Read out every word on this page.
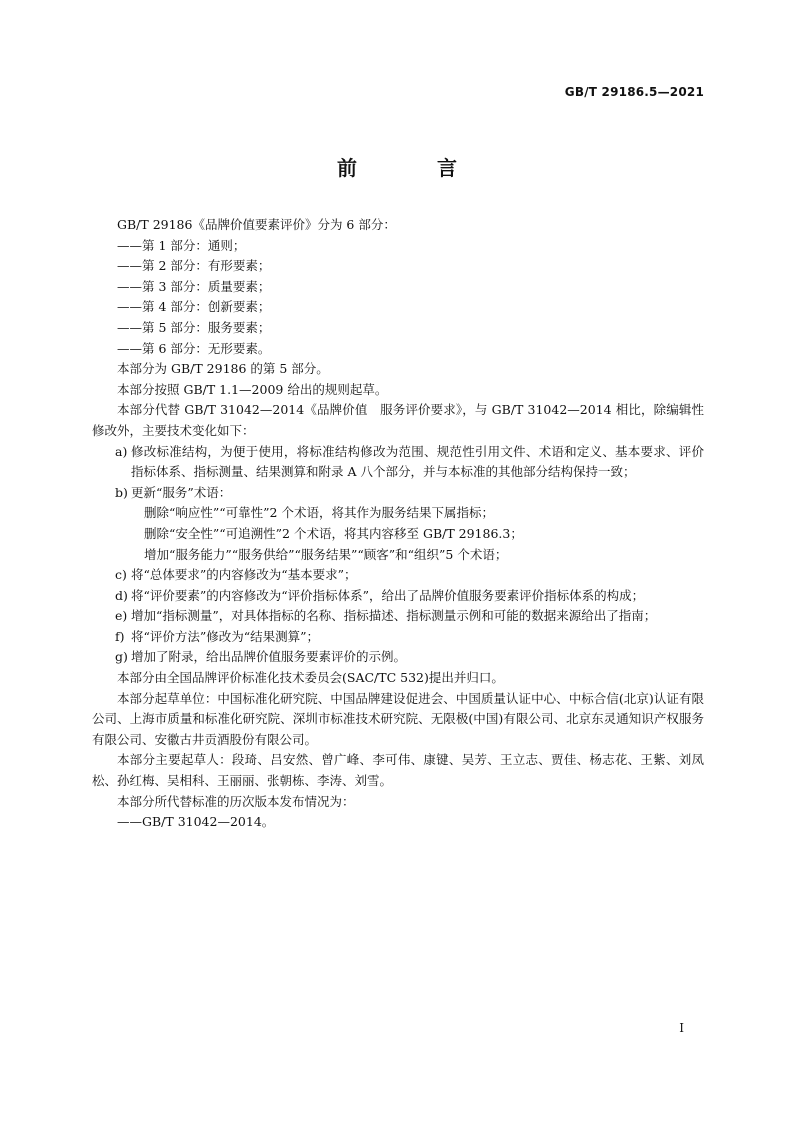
GB/T 29186.5—2021
前　言

GB/T 29186《品牌价值要素评价》分为 6 部分：

——第 1 部分：通则；

——第 2 部分：有形要素；

——第 3 部分：质量要素；

——第 4 部分：创新要素；

——第 5 部分：服务要素；

——第 6 部分：无形要素。

本部分为 GB/T 29186 的第 5 部分。

本部分按照 GB/T 1.1—2009 给出的规则起草。

本部分代替 GB/T 31042—2014《品牌价值　服务评价要求》，与 GB/T 31042—2014 相比，除编辑性修改外，主要技术变化如下：

a) 修改标准结构，为便于使用，将标准结构修改为范围、规范性引用文件、术语和定义、基本要求、评价指标体系、指标测量、结果测算和附录 A 八个部分，并与本标准的其他部分结构保持一致；
b) 更新“服务”术语：

删除“响应性”“可靠性”2 个术语，将其作为服务结果下属指标；

删除“安全性”“可追溯性”2 个术语，将其内容移至 GB/T 29186.3；

增加“服务能力”“服务供给”“服务结果”“顾客”和“组织”5 个术语；

c) 将“总体要求”的内容修改为“基本要求”；
d) 将“评价要素”的内容修改为“评价指标体系”，给出了品牌价值服务要素评价指标体系的构成；
e) 增加“指标测量”，对具体指标的名称、指标描述、指标测量示例和可能的数据来源给出了指南；
f) 将“评价方法”修改为“结果测算”；
g) 增加了附录，给出品牌价值服务要素评价的示例。

本部分由全国品牌评价标准化技术委员会(SAC/TC 532)提出并归口。

本部分起草单位：中国标准化研究院、中国品牌建设促进会、中国质量认证中心、中标合信(北京)认证有限公司、上海市质量和标准化研究院、深圳市标准技术研究院、无限极(中国)有限公司、北京东灵通知识产权服务有限公司、安徽古井贡酒股份有限公司。

本部分主要起草人：段琦、吕安然、曾广峰、李可伟、康键、吴芳、王立志、贾佳、杨志花、王紫、刘凤松、孙红梅、吴相科、王丽丽、张朝栋、李涛、刘雪。

本部分所代替标准的历次版本发布情况为：

——GB/T 31042—2014。

I
